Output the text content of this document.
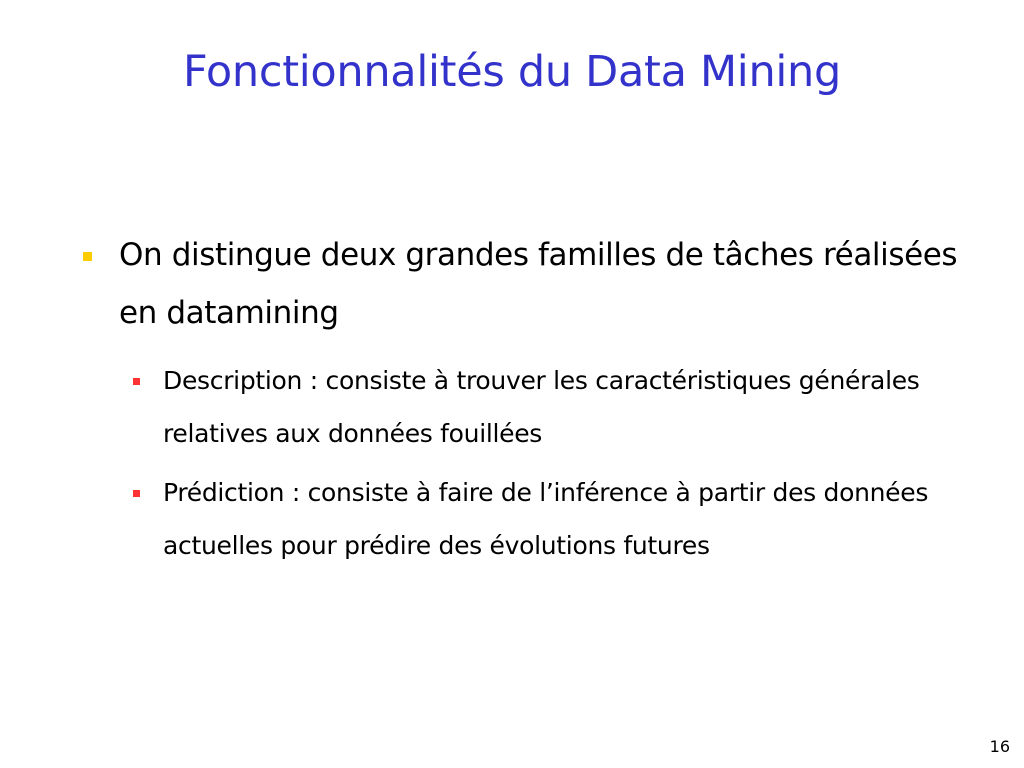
Fonctionnalités du Data Mining
On distingue deux grandes familles de tâches réalisées en datamining
Description : consiste à trouver les caractéristiques générales relatives aux données fouillées
Prédiction : consiste à faire de l’inférence à partir des données actuelles pour prédire des évolutions futures
16
